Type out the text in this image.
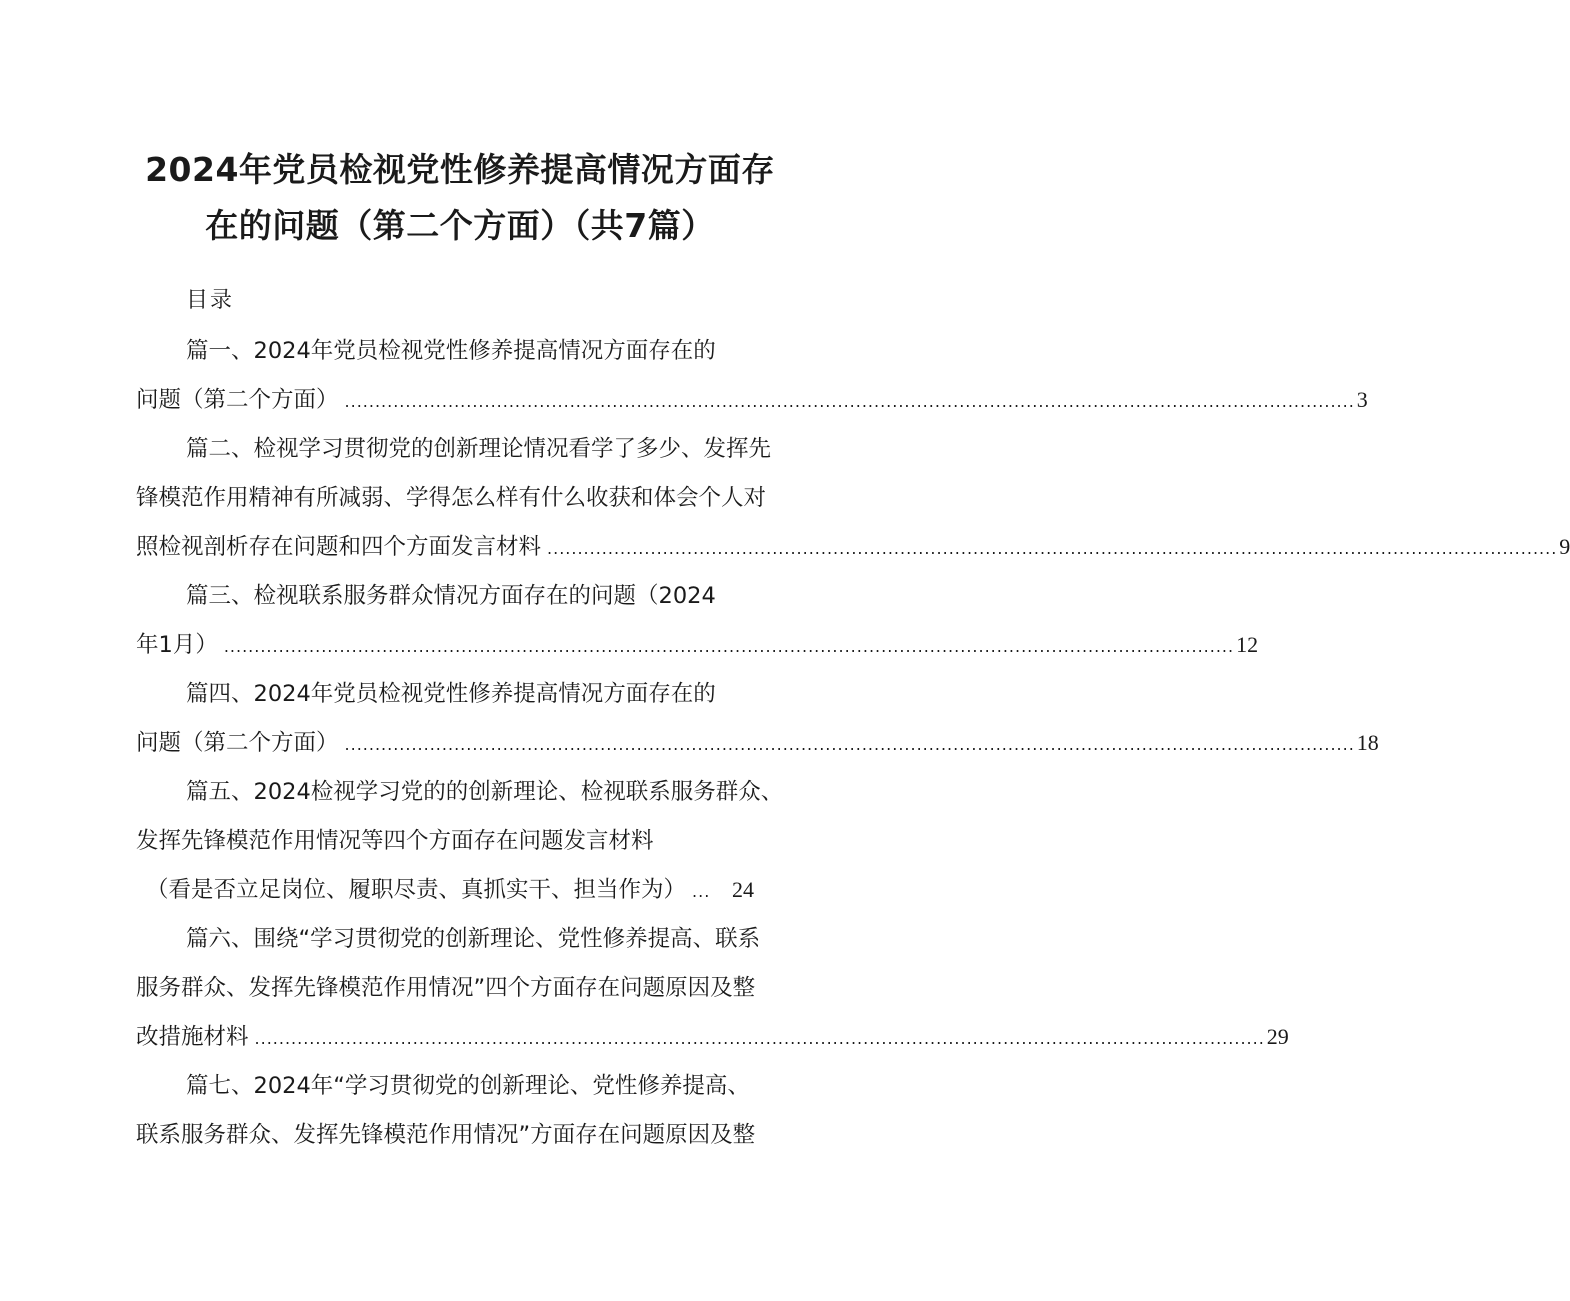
2024年党员检视党性修养提高情况方面存
在的问题（第二个方面）（共7篇）
目录
篇一、2024年党员检视党性修养提高情况方面存在的
问题（第二个方面） ...................................................................................................................................................................... 3
篇二、检视学习贯彻党的创新理论情况看学了多少、发挥先
锋模范作用精神有所减弱、学得怎么样有什么收获和体会个人对
照检视剖析存在问题和四个方面发言材料 ...................................................................................................................................................................... 9
篇三、检视联系服务群众情况方面存在的问题（2024
年1月） ...................................................................................................................................................................... 12
篇四、2024年党员检视党性修养提高情况方面存在的
问题（第二个方面） ...................................................................................................................................................................... 18
篇五、2024检视学习党的的创新理论、检视联系服务群众、
发挥先锋模范作用情况等四个方面存在问题发言材料
（看是否立足岗位、履职尽责、真抓实干、担当作为） ... 24
篇六、围绕“学习贯彻党的创新理论、党性修养提高、联系
服务群众、发挥先锋模范作用情况”四个方面存在问题原因及整
改措施材料 ...................................................................................................................................................................... 29
篇七、2024年“学习贯彻党的创新理论、党性修养提高、
联系服务群众、发挥先锋模范作用情况”方面存在问题原因及整
